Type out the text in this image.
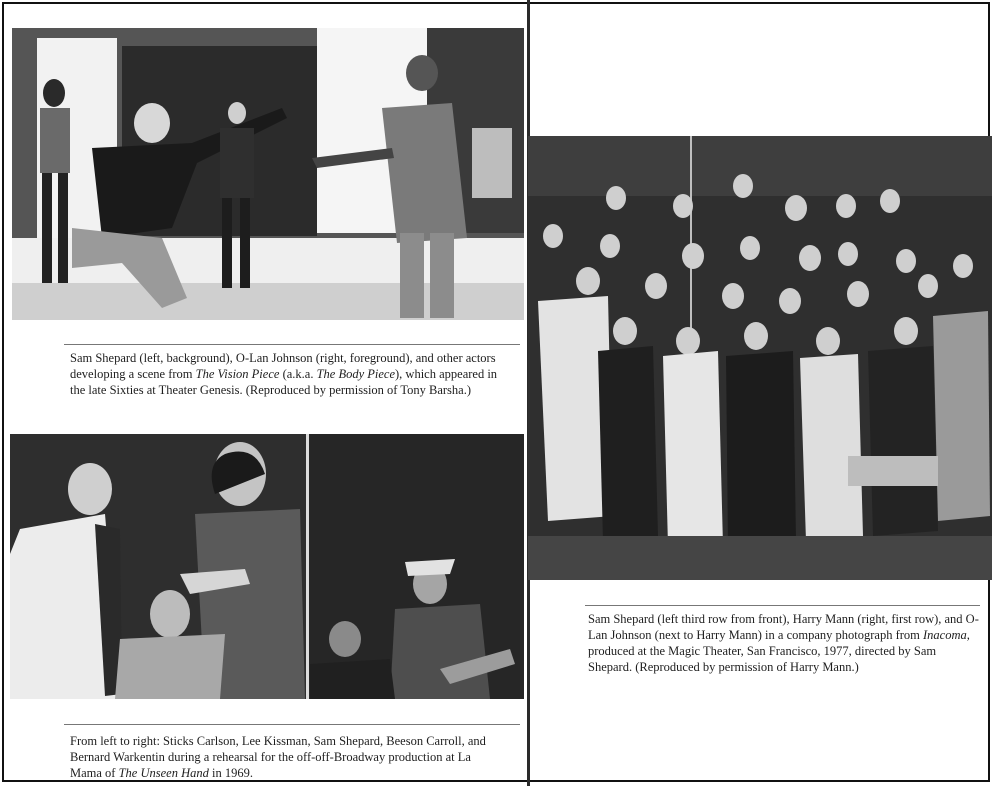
Sam Shepard (left, background), O-Lan Johnson (right, foreground), and other actors developing a scene from The Vision Piece (a.k.a. The Body Piece), which appeared in the late Sixties at Theater Genesis. (Reproduced by permission of Tony Barsha.)
From left to right: Sticks Carlson, Lee Kissman, Sam Shepard, Beeson Carroll, and Bernard Warkentin during a rehearsal for the off-off-Broadway production at La Mama of The Unseen Hand in 1969.
Sam Shepard (left third row from front), Harry Mann (right, first row), and O-Lan Johnson (next to Harry Mann) in a company photograph from Inacoma, produced at the Magic Theater, San Francisco, 1977, directed by Sam Shepard. (Reproduced by permission of Harry Mann.)
